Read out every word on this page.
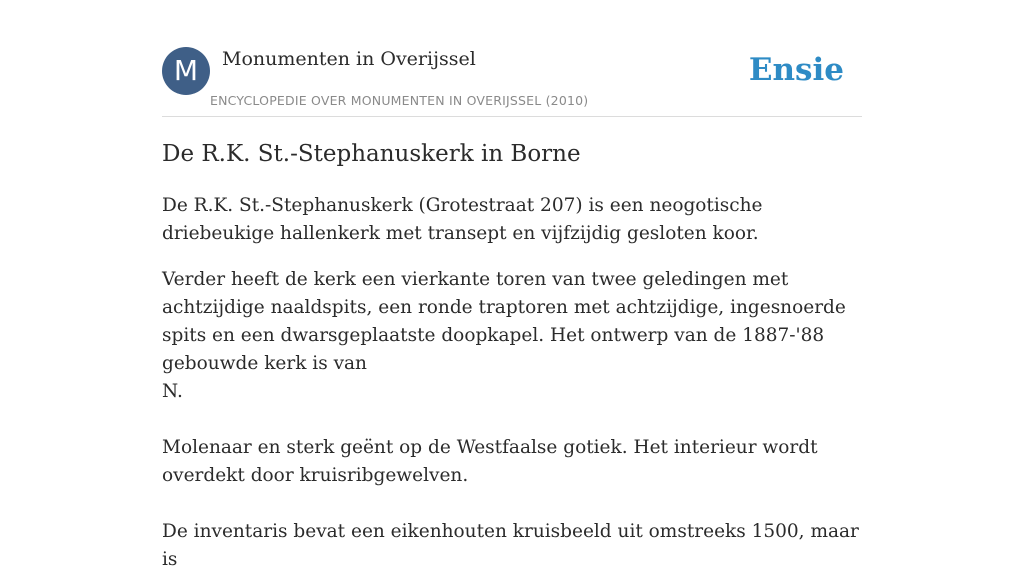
M	Monumenten in Overijssel
ENCYCLOPEDIE OVER MONUMENTEN IN OVERIJSSEL (2010)
Ensie
De R.K. St.-Stephanuskerk in Borne

De R.K. St.-Stephanuskerk (Grotestraat 207) is een neogotische driebeukige hallenkerk met transept en vijfzijdig gesloten koor.

Verder heeft de kerk een vierkante toren van twee geledingen met achtzijdige naaldspits, een ronde traptoren met achtzijdige, ingesnoerde spits en een dwarsgeplaatste doopkapel. Het ontwerp van de 1887-'88 gebouwde kerk is van
N.

Molenaar en sterk geënt op de Westfaalse gotiek. Het interieur wordt overdekt door kruisribgewelven.

De inventaris bevat een eikenhouten kruisbeeld uit omstreeks 1500, maar is
